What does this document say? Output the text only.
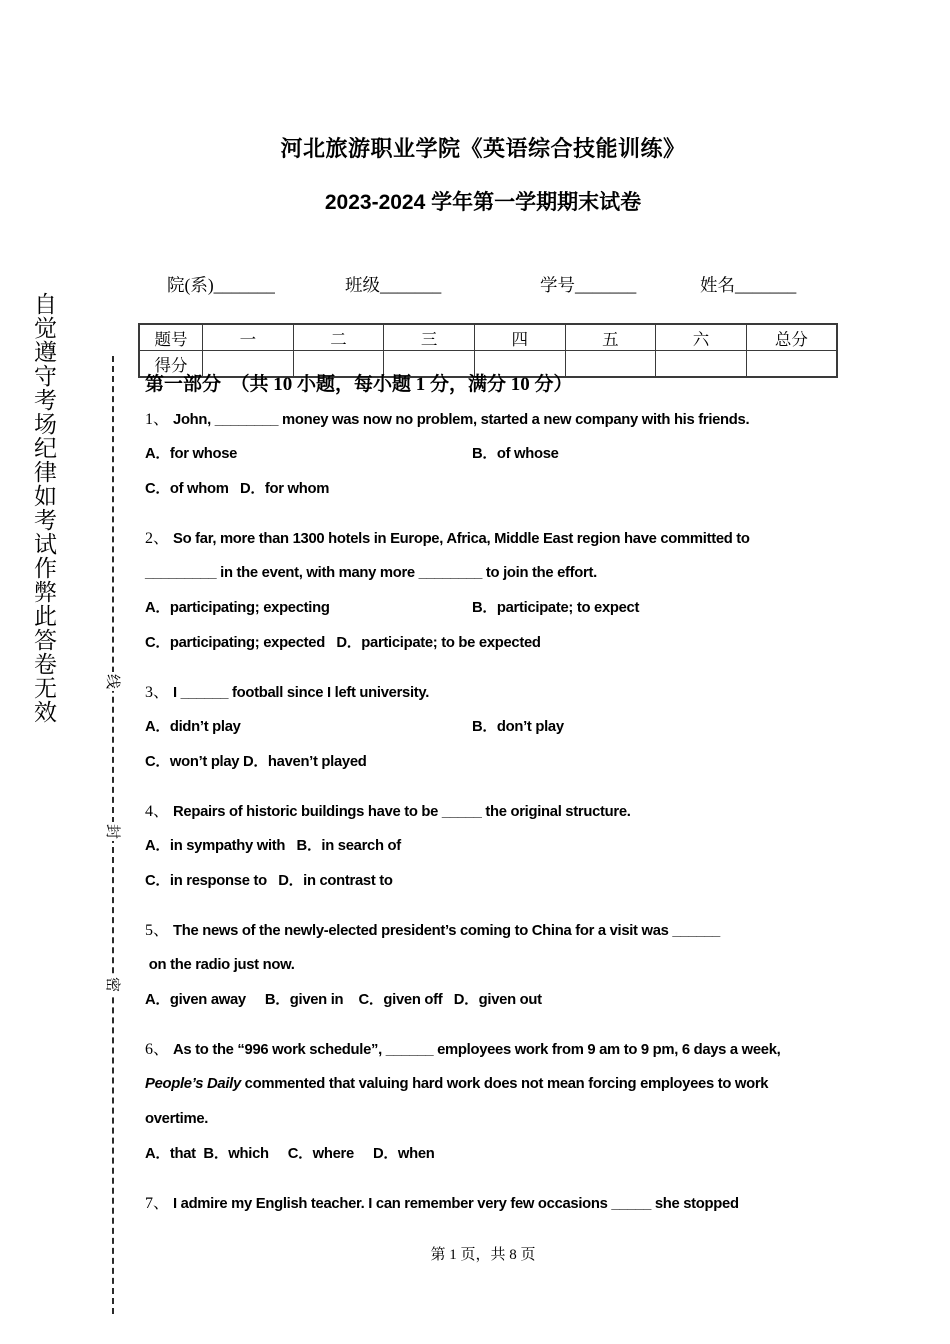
自觉遵守考场纪律如考试作弊此答卷无效	线
封
密
河北旅游职业学院《英语综合技能训练》
2023-2024 学年第一学期期末试卷
院(系)_______	班级_______	学号_______	姓名_______
题号	一	二	三	四	五	六	总分
得分							
第一部分  （共 10 小题，每小题 1 分，满分 10 分）
1、 John, ________ money was now no problem, started a new company with his friends.
A．for whose	B．of whose
C．of whom   D．for whom
2、 So far, more than 1300 hotels in Europe, Africa, Middle East region have committed to
_________ in the event, with many more ________ to join the effort.
A．participating; expecting	B．participate; to expect
C．participating; expected   D．participate; to be expected
3、 I ______ football since I left university.
A．didn’t play	B．don’t play
C．won’t play D．haven’t played
4、 Repairs of historic buildings have to be _____ the original structure.
A．in sympathy with   B．in search of
C．in response to   D．in contrast to
5、 The news of the newly-elected president’s coming to China for a visit was ______
on the radio just now.
A．given away     B．given in    C．given off   D．given out
6、 As to the “996 work schedule”, ______ employees work from 9 am to 9 pm, 6 days a week,
People’s Daily commented that valuing hard work does not mean forcing employees to work
overtime.
A．that  B．which     C．where     D．when
7、 I admire my English teacher. I can remember very few occasions _____ she stopped
第 1 页，共 8 页
